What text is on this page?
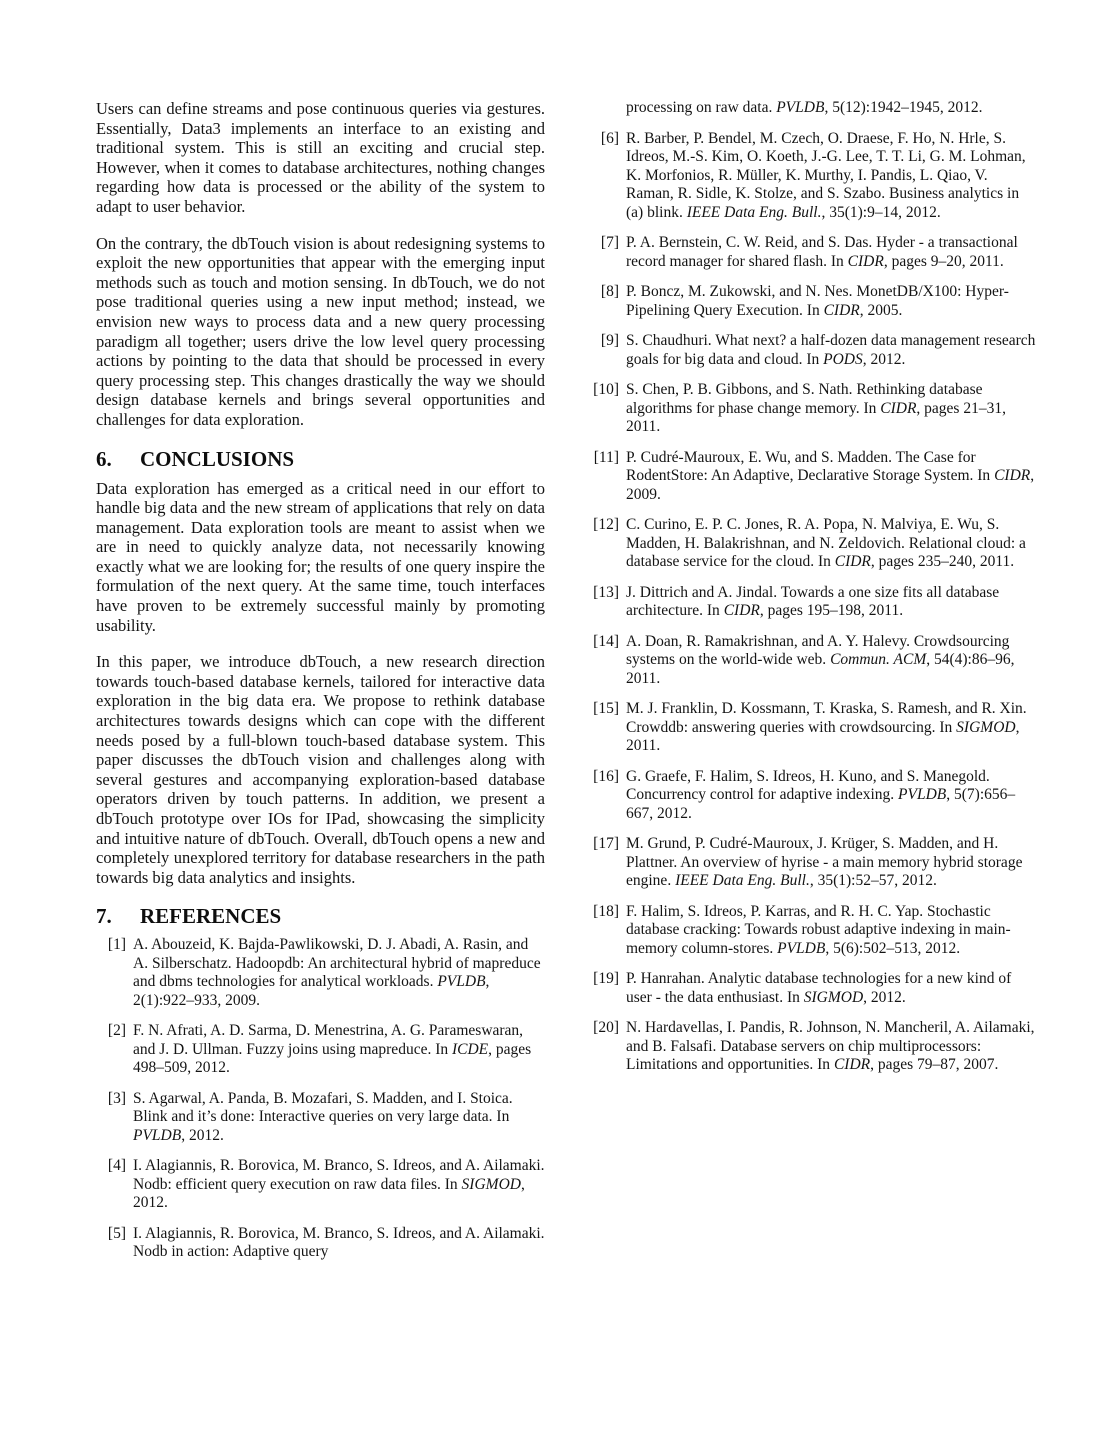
Users can define streams and pose continuous queries via gestures. Essentially, Data3 implements an interface to an existing and traditional system. This is still an exciting and crucial step. However, when it comes to database architectures, nothing changes regarding how data is processed or the ability of the system to adapt to user behavior.

On the contrary, the dbTouch vision is about redesigning systems to exploit the new opportunities that appear with the emerging input methods such as touch and motion sensing. In dbTouch, we do not pose traditional queries using a new input method; instead, we envision new ways to process data and a new query processing paradigm all together; users drive the low level query processing actions by pointing to the data that should be processed in every query processing step. This changes drastically the way we should design database kernels and brings several opportunities and challenges for data exploration.

6. CONCLUSIONS

Data exploration has emerged as a critical need in our effort to handle big data and the new stream of applications that rely on data management. Data exploration tools are meant to assist when we are in need to quickly analyze data, not necessarily knowing exactly what we are looking for; the results of one query inspire the formulation of the next query. At the same time, touch interfaces have proven to be extremely successful mainly by promoting usability.

In this paper, we introduce dbTouch, a new research direction towards touch-based database kernels, tailored for interactive data exploration in the big data era. We propose to rethink database architectures towards designs which can cope with the different needs posed by a full-blown touch-based database system. This paper discusses the dbTouch vision and challenges along with several gestures and accompanying exploration-based database operators driven by touch patterns. In addition, we present a dbTouch prototype over IOs for IPad, showcasing the simplicity and intuitive nature of dbTouch. Overall, dbTouch opens a new and completely unexplored territory for database researchers in the path towards big data analytics and insights.

7. REFERENCES
[1] A. Abouzeid, K. Bajda-Pawlikowski, D. J. Abadi, A. Rasin, and A. Silberschatz. Hadoopdb: An architectural hybrid of mapreduce and dbms technologies for analytical workloads. PVLDB, 2(1):922–933, 2009.
[2] F. N. Afrati, A. D. Sarma, D. Menestrina, A. G. Parameswaran, and J. D. Ullman. Fuzzy joins using mapreduce. In ICDE, pages 498–509, 2012.
[3] S. Agarwal, A. Panda, B. Mozafari, S. Madden, and I. Stoica. Blink and it’s done: Interactive queries on very large data. In PVLDB, 2012.
[4] I. Alagiannis, R. Borovica, M. Branco, S. Idreos, and A. Ailamaki. Nodb: efficient query execution on raw data files. In SIGMOD, 2012.
[5] I. Alagiannis, R. Borovica, M. Branco, S. Idreos, and A. Ailamaki. Nodb in action: Adaptive query
processing on raw data. PVLDB, 5(12):1942–1945, 2012.
[6] R. Barber, P. Bendel, M. Czech, O. Draese, F. Ho, N. Hrle, S. Idreos, M.-S. Kim, O. Koeth, J.-G. Lee, T. T. Li, G. M. Lohman, K. Morfonios, R. Müller, K. Murthy, I. Pandis, L. Qiao, V. Raman, R. Sidle, K. Stolze, and S. Szabo. Business analytics in (a) blink. IEEE Data Eng. Bull., 35(1):9–14, 2012.
[7] P. A. Bernstein, C. W. Reid, and S. Das. Hyder - a transactional record manager for shared flash. In CIDR, pages 9–20, 2011.
[8] P. Boncz, M. Zukowski, and N. Nes. MonetDB/X100: Hyper-Pipelining Query Execution. In CIDR, 2005.
[9] S. Chaudhuri. What next? a half-dozen data management research goals for big data and cloud. In PODS, 2012.
[10] S. Chen, P. B. Gibbons, and S. Nath. Rethinking database algorithms for phase change memory. In CIDR, pages 21–31, 2011.
[11] P. Cudré-Mauroux, E. Wu, and S. Madden. The Case for RodentStore: An Adaptive, Declarative Storage System. In CIDR, 2009.
[12] C. Curino, E. P. C. Jones, R. A. Popa, N. Malviya, E. Wu, S. Madden, H. Balakrishnan, and N. Zeldovich. Relational cloud: a database service for the cloud. In CIDR, pages 235–240, 2011.
[13] J. Dittrich and A. Jindal. Towards a one size fits all database architecture. In CIDR, pages 195–198, 2011.
[14] A. Doan, R. Ramakrishnan, and A. Y. Halevy. Crowdsourcing systems on the world-wide web. Commun. ACM, 54(4):86–96, 2011.
[15] M. J. Franklin, D. Kossmann, T. Kraska, S. Ramesh, and R. Xin. Crowddb: answering queries with crowdsourcing. In SIGMOD, 2011.
[16] G. Graefe, F. Halim, S. Idreos, H. Kuno, and S. Manegold. Concurrency control for adaptive indexing. PVLDB, 5(7):656–667, 2012.
[17] M. Grund, P. Cudré-Mauroux, J. Krüger, S. Madden, and H. Plattner. An overview of hyrise - a main memory hybrid storage engine. IEEE Data Eng. Bull., 35(1):52–57, 2012.
[18] F. Halim, S. Idreos, P. Karras, and R. H. C. Yap. Stochastic database cracking: Towards robust adaptive indexing in main-memory column-stores. PVLDB, 5(6):502–513, 2012.
[19] P. Hanrahan. Analytic database technologies for a new kind of user - the data enthusiast. In SIGMOD, 2012.
[20] N. Hardavellas, I. Pandis, R. Johnson, N. Mancheril, A. Ailamaki, and B. Falsafi. Database servers on chip multiprocessors: Limitations and opportunities. In CIDR, pages 79–87, 2007.
